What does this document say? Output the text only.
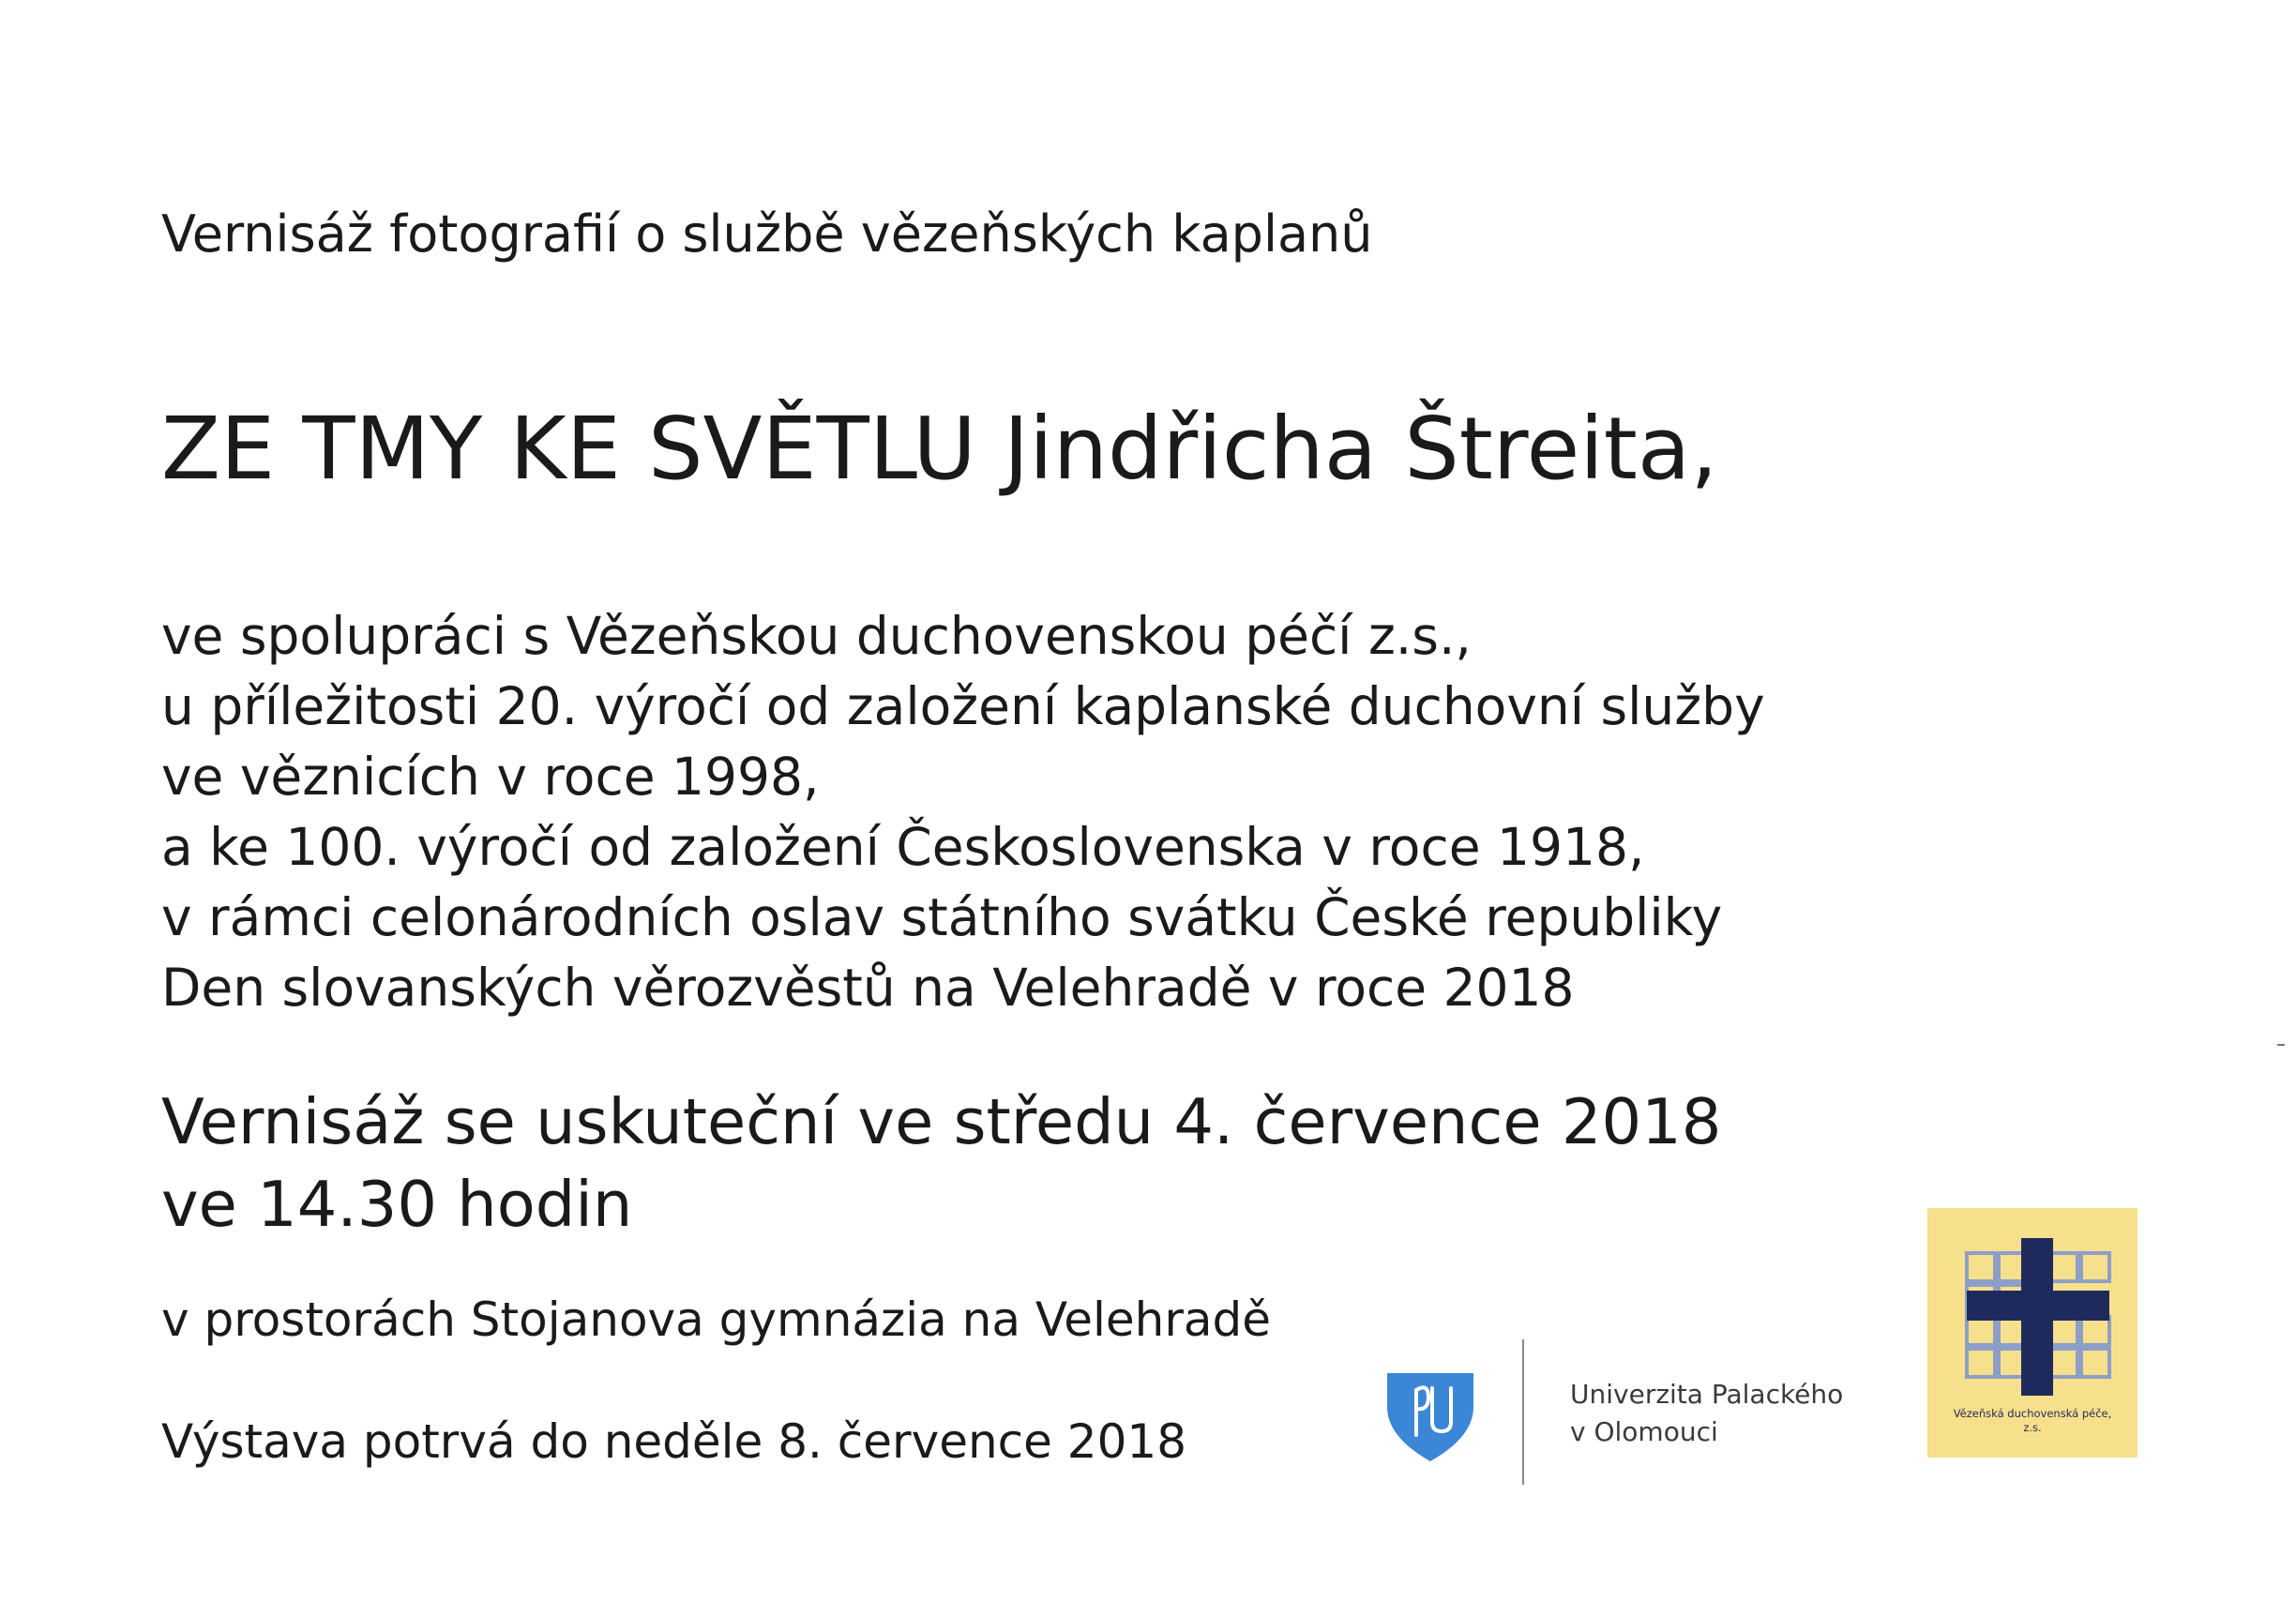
Vernisáž fotografií o službě vězeňských kaplanů

ZE TMY KE SVĚTLU Jindřicha Štreita,

ve spolupráci s Vězeňskou duchovenskou péčí z.s.,

u příležitosti 20. výročí od založení kaplanské duchovní služby

ve věznicích v roce 1998,

a ke 100. výročí od založení Československa v roce 1918,

v rámci celonárodních oslav státního svátku České republiky

Den slovanských věrozvěstů na Velehradě v roce 2018

Vernisáž se uskuteční ve středu 4. července 2018

ve 14.30 hodin

v prostorách Stojanova gymnázia na Velehradě

Výstava potrvá do neděle 8. července 2018

Univerzita Palackého
v Olomouci
Vězeňská duchovenská péče,
z.s.
